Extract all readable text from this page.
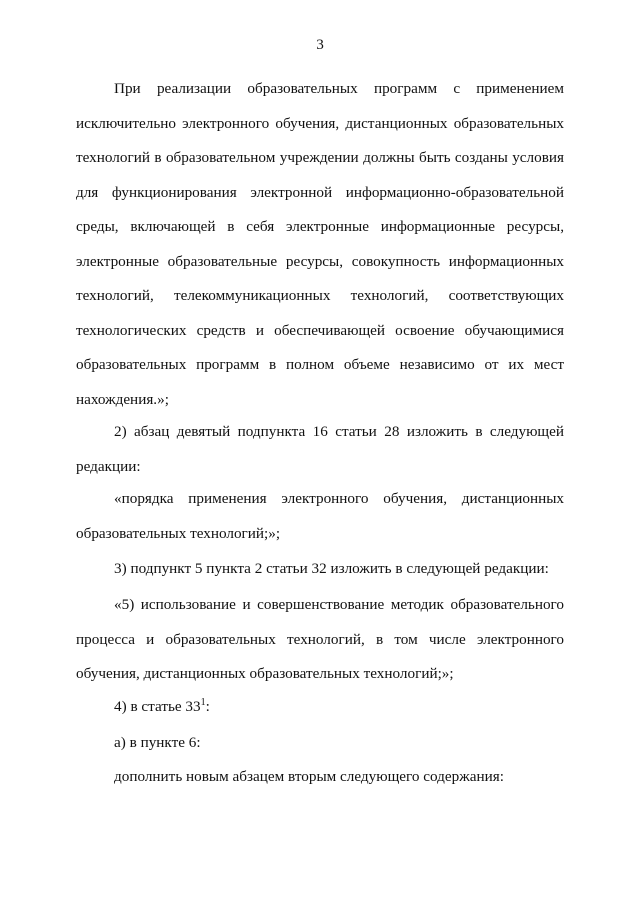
3

При реализации образовательных программ с применением исключительно электронного обучения, дистанционных образовательных технологий в образовательном учреждении должны быть созданы условия для функционирования электронной информационно-образовательной среды, включающей в себя электронные информационные ресурсы, электронные образовательные ресурсы, совокупность информационных технологий, телекоммуникационных технологий, соответствующих технологических средств и обеспечивающей освоение обучающимися образовательных программ в полном объеме независимо от их мест нахождения.»;

2) абзац девятый подпункта 16 статьи 28 изложить в следующей редакции:

«порядка применения электронного обучения, дистанционных образовательных технологий;»;

3) подпункт 5 пункта 2 статьи 32 изложить в следующей редакции:

«5) использование и совершенствование методик образовательного процесса и образовательных технологий, в том числе электронного обучения, дистанционных образовательных технологий;»;

4) в статье $33^1$:

а) в пункте 6:

дополнить новым абзацем вторым следующего содержания:
